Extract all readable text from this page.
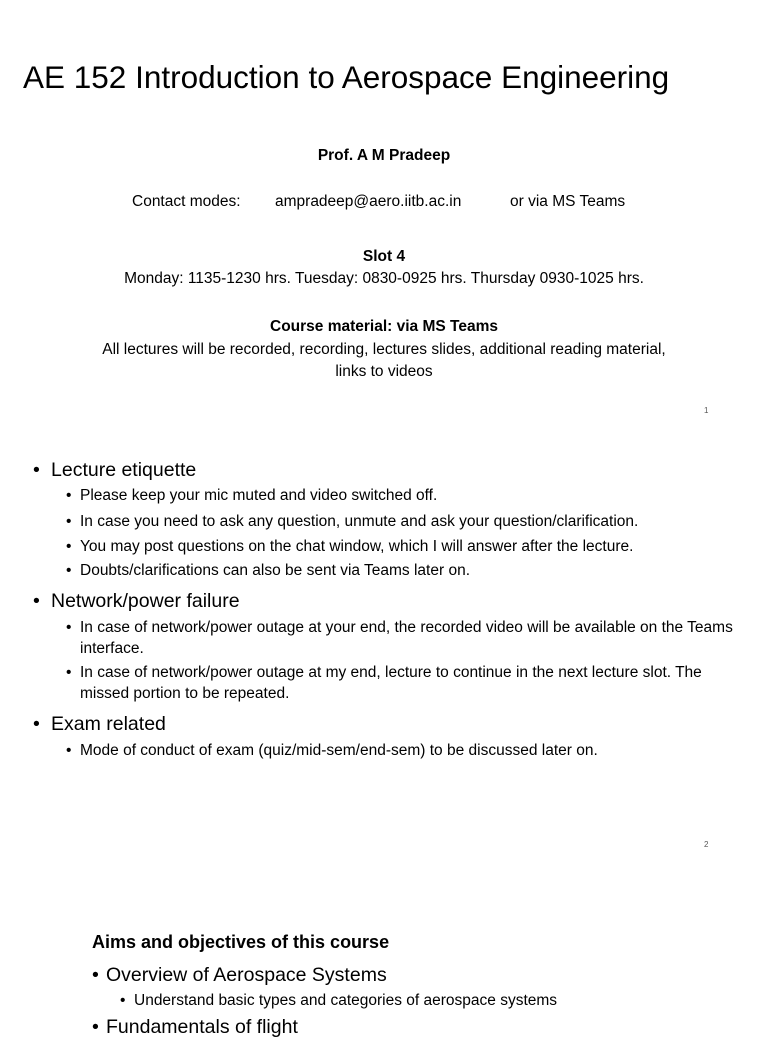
AE 152 Introduction to Aerospace Engineering
Prof. A M Pradeep
Contact modes: ampradeep@aero.iitb.ac.in	or via MS Teams
Slot 4
Monday: 1135-1230 hrs. Tuesday: 0830-0925 hrs. Thursday 0930-1025 hrs.
Course material: via MS Teams
All lectures will be recorded, recording, lectures slides, additional reading material,
links to videos
1
• Lecture etiquette
• Please keep your mic muted and video switched off.
• In case you need to ask any question, unmute and ask your question/clarification.
• You may post questions on the chat window, which I will answer after the lecture.
• Doubts/clarifications can also be sent via Teams later on.
• Network/power failure
• In case of network/power outage at your end, the recorded video will be available on the Teams interface.
• In case of network/power outage at my end, lecture to continue in the next lecture slot. The missed portion to be repeated.
• Exam related
• Mode of conduct of exam (quiz/mid-sem/end-sem) to be discussed later on.
2
Aims and objectives of this course
• Overview of Aerospace Systems
• Understand basic types and categories of aerospace systems
• Fundamentals of flight
